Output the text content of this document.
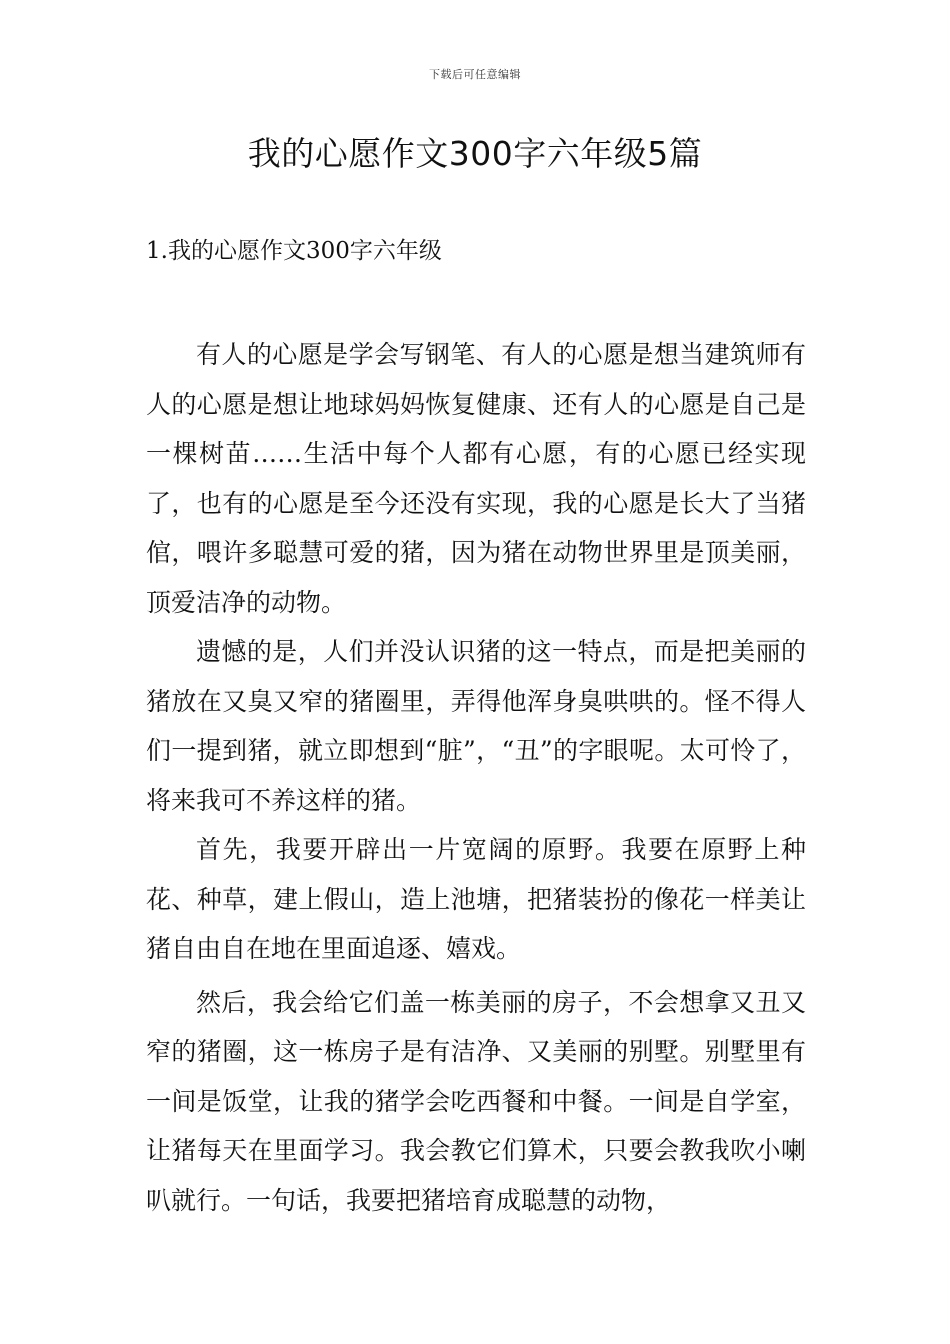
下载后可任意编辑
我的心愿作文300字六年级5篇
1.我的心愿作文300字六年级

有人的心愿是学会写钢笔、有人的心愿是想当建筑师有人的心愿是想让地球妈妈恢复健康、还有人的心愿是自己是一棵树苗……生活中每个人都有心愿，有的心愿已经实现了，也有的心愿是至今还没有实现，我的心愿是长大了当猪倌，喂许多聪慧可爱的猪，因为猪在动物世界里是顶美丽，顶爱洁净的动物。

遗憾的是，人们并没认识猪的这一特点，而是把美丽的猪放在又臭又窄的猪圈里，弄得他浑身臭哄哄的。怪不得人们一提到猪，就立即想到“脏”，“丑”的字眼呢。太可怜了，将来我可不养这样的猪。

首先，我要开辟出一片宽阔的原野。我要在原野上种花、种草，建上假山，造上池塘，把猪装扮的像花一样美让猪自由自在地在里面追逐、嬉戏。

然后，我会给它们盖一栋美丽的房子，不会想拿又丑又窄的猪圈，这一栋房子是有洁净、又美丽的别墅。别墅里有一间是饭堂，让我的猪学会吃西餐和中餐。一间是自学室，让猪每天在里面学习。我会教它们算术，只要会教我吹小喇叭就行。一句话，我要把猪培育成聪慧的动物，
